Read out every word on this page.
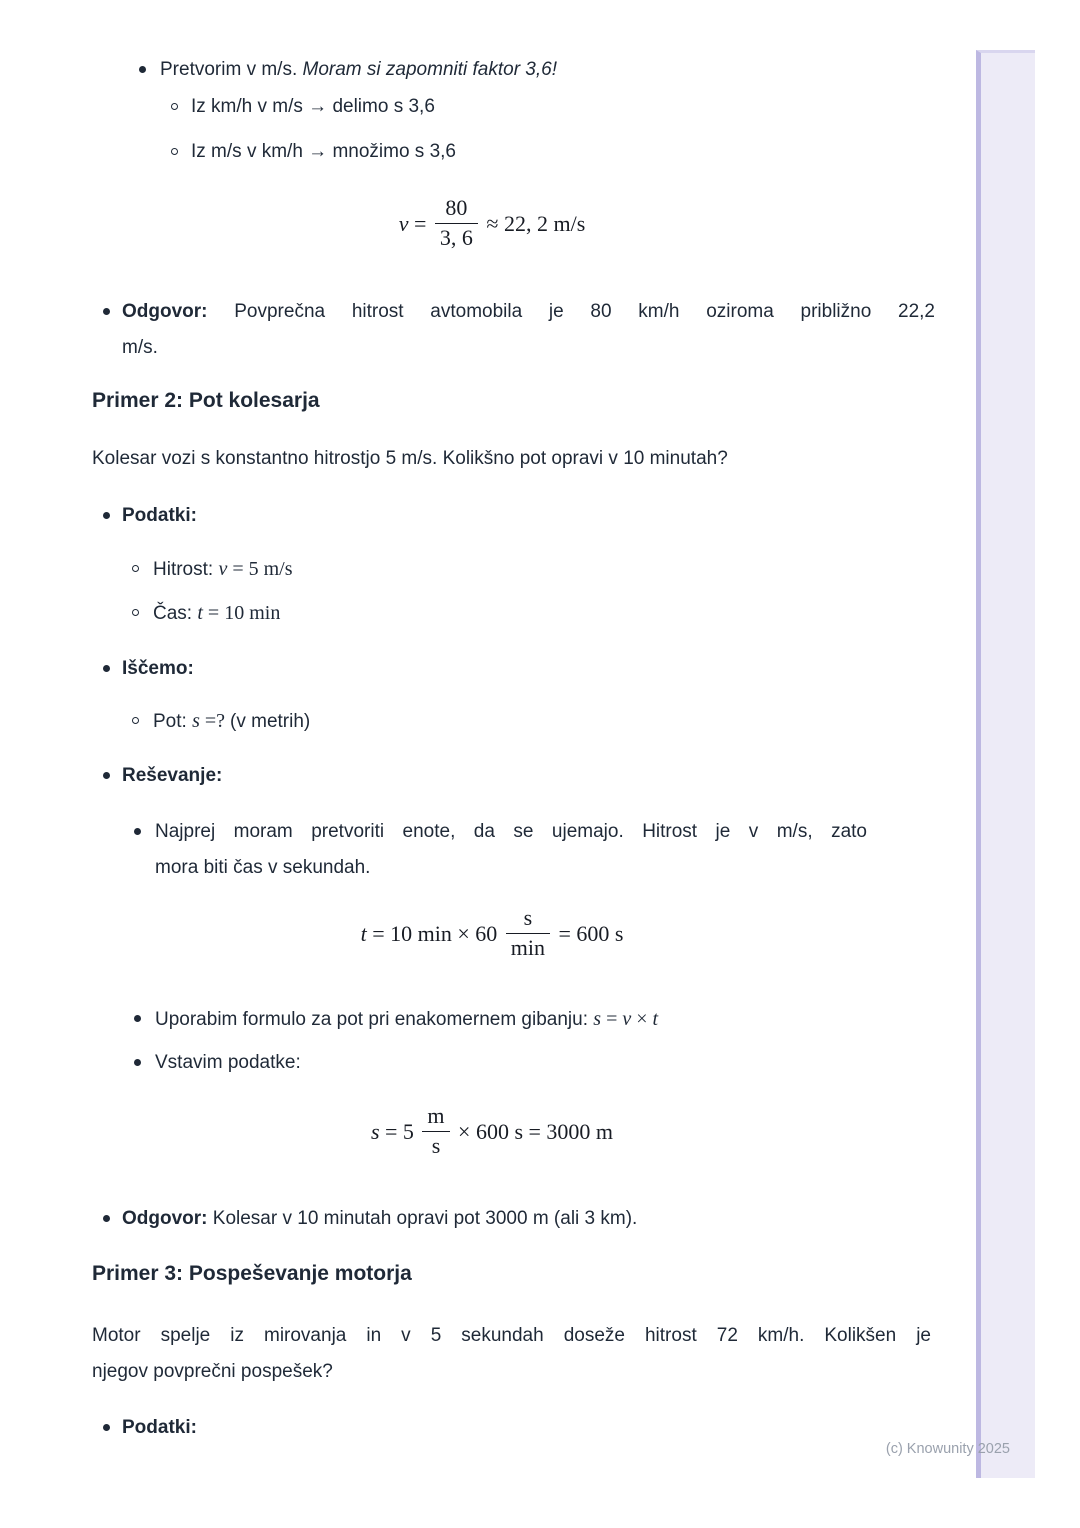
Pretvorim v m/s. Moram si zapomniti faktor 3,6!
Iz km/h v m/s → delimo s 3,6
Iz m/s v km/h → množimo s 3,6
$v = \frac{80}{3, 6} \approx 22$, 2 m/s
Odgovor: Povprečna hitrost avtomobila je 80 km/h oziroma približno 22,2
m/s.
Primer 2: Pot kolesarja
Kolesar vozi s konstantno hitrostjo 5 m/s. Kolikšno pot opravi v 10 minutah?
Podatki:
Hitrost: v = 5 m/s
Čas: t = 10 min
Iščemo:
Pot: s =? (v metrih)
Reševanje:
Najprej moram pretvoriti enote, da se ujemajo. Hitrost je v m/s, zato
mora biti čas v sekundah.
t = 10 $\min \times 60 \frac{s}{\min} = 600$ s
Uporabim formulo za pot pri enakomernem gibanju: s = v × t
Vstavim podatke:
$s = 5 \frac{m}{s} \times 600$ s = 3000 m
Odgovor: Kolesar v 10 minutah opravi pot 3000 m (ali 3 km).
Primer 3: Pospeševanje motorja
Motor spelje iz mirovanja in v 5 sekundah doseže hitrost 72 km/h. Kolikšen je
njegov povprečni pospešek?
Podatki:
(c) Knowunity 2025
